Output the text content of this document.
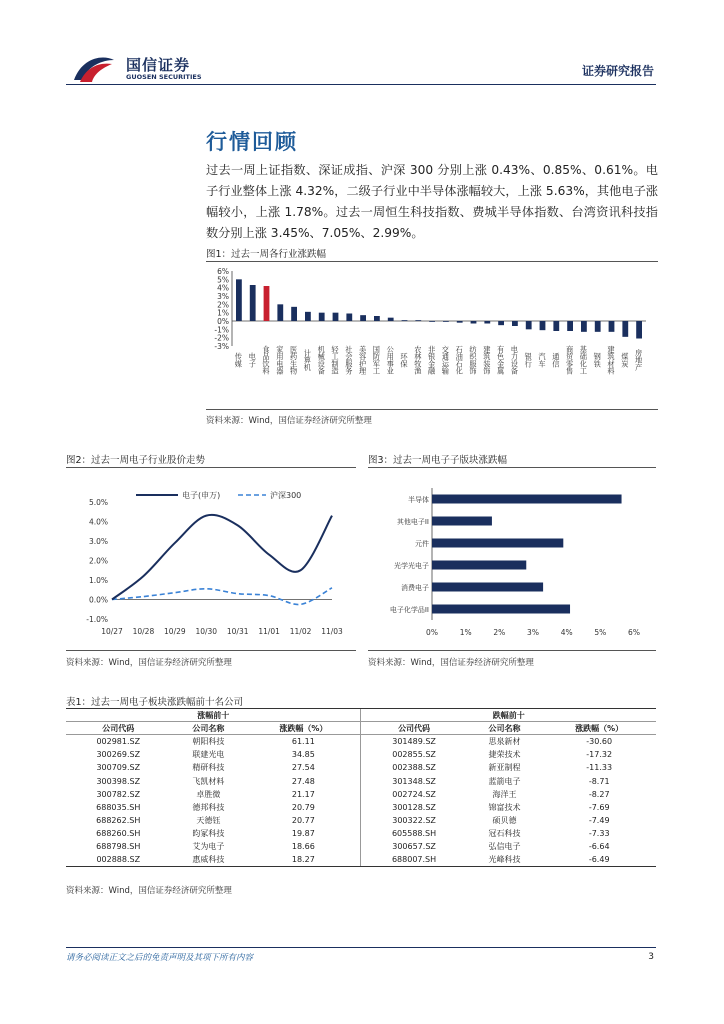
国信证券
GUOSEN SECURITIES	证券研究报告
行情回顾
过去一周上证指数、深证成指、沪深 300 分别上涨 0.43%、0.85%、0.61%。电子行业整体上涨 4.32%，二级子行业中半导体涨幅较大，上涨 5.63%，其他电子涨幅较小，上涨 1.78%。过去一周恒生科技指数、费城半导体指数、台湾资讯科技指数分别上涨 3.45%、7.05%、2.99%。
图1：过去一周各行业涨跌幅
6%
5%
4%
3%
2%
1%
0%
-1%
-2%
-3%
传媒 电子 食品饮料 家用电器 医药生物 计算机 机械设备 轻工制造 社会服务 美容护理 国防军工 公用事业 环保 农林牧渔 非银金融 交通运输 石油石化 纺织服饰 建筑装饰 有色金属 电力设备 银行 汽车 通信 商贸零售 基础化工 钢铁 建筑材料 煤炭 房地产
资料来源：Wind，国信证券经济研究所整理
图2：过去一周电子行业股价走势
电子(申万)	沪深300
5.0%
4.0%
3.0%
2.0%
1.0%
0.0%
-1.0%
10/27 10/28 10/29 10/30 10/31 11/01 11/02 11/03
资料来源：Wind，国信证券经济研究所整理
图3：过去一周电子子版块涨跌幅
0%	1%	2%	3%	4%	5%	6%
半导体
其他电子II
元件
光学光电子
消费电子
电子化学品II
资料来源：Wind，国信证券经济研究所整理
表1：过去一周电子板块涨跌幅前十名公司
涨幅前十			跌幅前十		
公司代码	公司名称	涨跌幅（%）	公司代码	公司名称	涨跌幅（%）
002981.SZ	朝阳科技	61.11	301489.SZ	思泉新材	-30.60
300269.SZ	联建光电	34.85	002855.SZ	捷荣技术	-17.32
300709.SZ	精研科技	27.54	002388.SZ	新亚制程	-11.33
300398.SZ	飞凯材料	27.48	301348.SZ	蓝箭电子	-8.71
300782.SZ	卓胜微	21.17	002724.SZ	海洋王	-8.27
688035.SH	德邦科技	20.79	300128.SZ	锦富技术	-7.69
688262.SH	天德钰	20.77	300322.SZ	硕贝德	-7.49
688260.SH	昀冢科技	19.87	605588.SH	冠石科技	-7.33
688798.SH	艾为电子	18.66	300657.SZ	弘信电子	-6.64
002888.SZ	惠威科技	18.27	688007.SH	光峰科技	-6.49
资料来源：Wind，国信证券经济研究所整理
请务必阅读正文之后的免责声明及其项下所有内容	3
